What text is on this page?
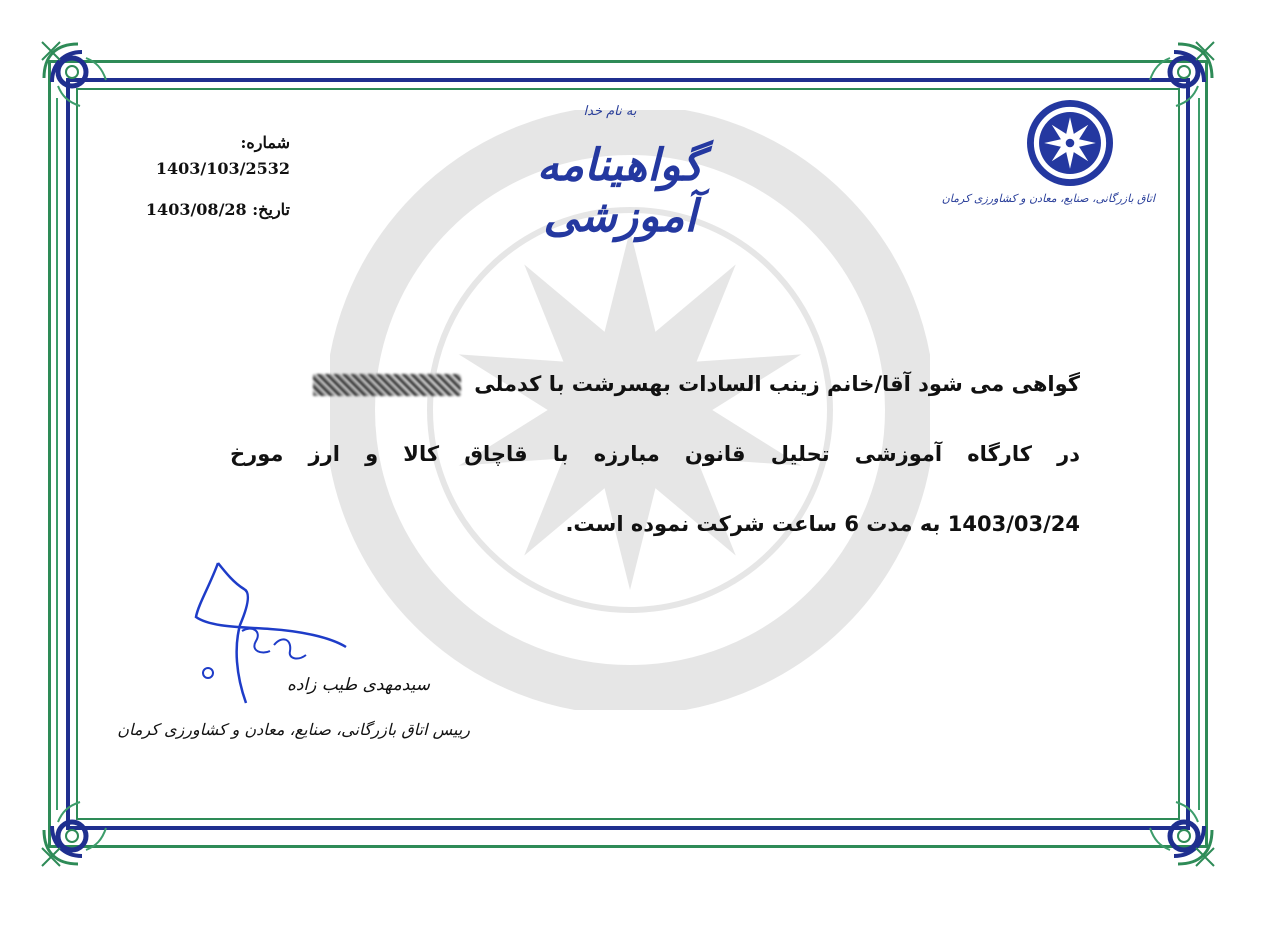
شماره:
1403/103/2532
تاریخ: 1403/08/28
به نام خدا
گواهینامه آموزشی	اتاق بازرگانی، صنایع، معادن و کشاورزی کرمان
گواهی می شود آقا/خانم زینب السادات بهسرشت با کدملی
در کارگاه آموزشی تحلیل قانون مبارزه با قاچاق کالا و ارز مورخ
1403/03/24 به مدت 6 ساعت شرکت نموده است.
سیدمهدی طیب زاده
رییس اتاق بازرگانی، صنایع، معادن و کشاورزی کرمان
